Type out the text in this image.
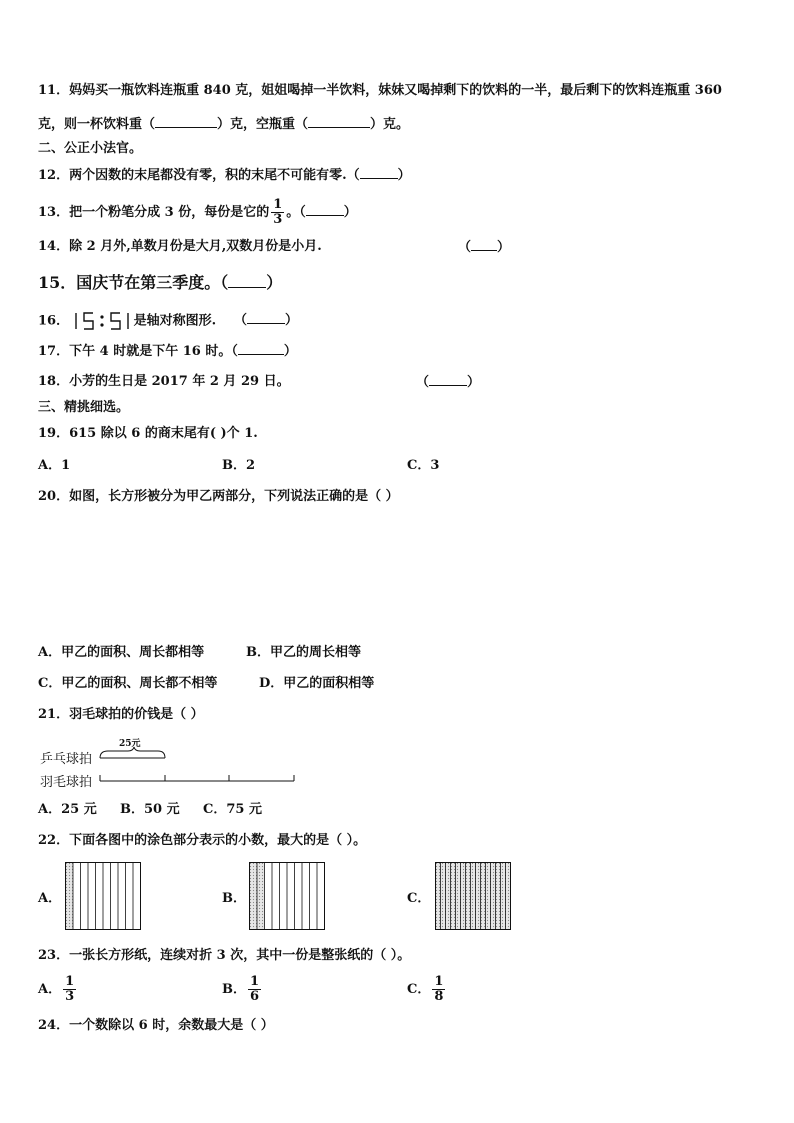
11．妈妈买一瓶饮料连瓶重 840 克，姐姐喝掉一半饮料，妹妹又喝掉剩下的饮料的一半，最后剩下的饮料连瓶重 360
克，则一杯饮料重（	）克，空瓶重（	）克。
二、公正小法官。
12．两个因数的末尾都没有零，积的末尾不可能有零.（	）
13．把一个粉笔分成 3 份，每份是它的 $\frac{1}{3}$ 。（	）
14．除 2 月外,单数月份是大月,双数月份是小月.	（ ）
15．国庆节在第三季度。（ ）
16．	是轴对称图形. （	）
17．下午 4 时就是下午 16 时。（	）
18．小芳的生日是 2017 年 2 月 29 日。	（	）
三、精挑细选。
19．615 除以 6 的商末尾有( )个 1.
A．1	B．2	C．3
20．如图，长方形被分为甲乙两部分，下列说法正确的是（ ）
A．甲乙的面积、周长都相等	B．甲乙的周长相等
C．甲乙的面积、周长都不相等	D．甲乙的面积相等
21．羽毛球拍的价钱是（ ）
乒乓球拍
羽毛球拍
25元
A．25 元 B．50 元 C．75 元
22．下面各图中的涂色部分表示的小数，最大的是（ ）。
A．	B．	C．
23．一张长方形纸，连续对折 3 次，其中一份是整张纸的（ ）。
A． $\frac{1}{3}$	B． $\frac{1}{6}$	C． $\frac{1}{8}$
24．一个数除以 6 时，余数最大是（ ）
